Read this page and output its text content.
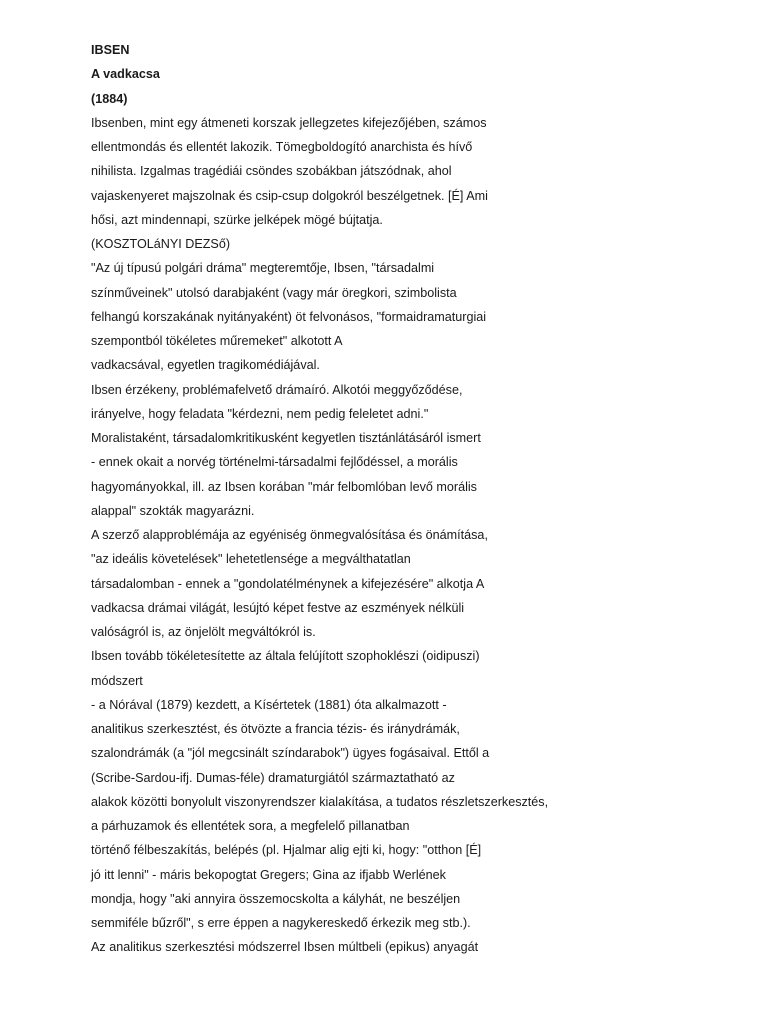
IBSEN
A vadkacsa
(1884)
Ibsenben, mint egy átmeneti korszak jellegzetes kifejezőjében, számos
ellentmondás és ellentét lakozik. Tömegboldogító anarchista és hívő
nihilista. Izgalmas tragédiái csöndes szobákban játszódnak, ahol
vajaskenyeret majszolnak és csip-csup dolgokról beszélgetnek. [É] Ami
hősi, azt mindennapi, szürke jelképek mögé bújtatja.
(KOSZTOLáNYI DEZSő)
"Az új típusú polgári dráma" megteremtője, Ibsen, "társadalmi
színműveinek" utolsó darabjaként (vagy már öregkori, szimbolista
felhangú korszakának nyitányaként) öt felvonásos, "formaidramaturgiai
szempontból tökéletes műremeket" alkotott A
vadkacsával, egyetlen tragikomédiájával.
Ibsen érzékeny, problémafelvető drámaíró. Alkotói meggyőződése,
irányelve, hogy feladata "kérdezni, nem pedig feleletet adni."
Moralistaként, társadalomkritikusként kegyetlen tisztánlátásáról ismert
- ennek okait a norvég történelmi-társadalmi fejlődéssel, a morális
hagyományokkal, ill. az Ibsen korában "már felbomlóban levő morális
alappal" szokták magyarázni.
A szerző alapproblémája az egyéniség önmegvalósítása és önámítása,
"az ideális követelések" lehetetlensége a megválthatatlan
társadalomban - ennek a "gondolatélménynek a kifejezésére" alkotja A
vadkacsa drámai világát, lesújtó képet festve az eszmények nélküli
valóságról is, az önjelölt megváltókról is.
Ibsen tovább tökéletesítette az általa felújított szophoklészi (oidipuszi)
módszert
- a Nórával (1879) kezdett, a Kísértetek (1881) óta alkalmazott -
analitikus szerkesztést, és ötvözte a francia tézis- és iránydrámák,
szalondrámák (a "jól megcsinált színdarabok") ügyes fogásaival. Ettől a
(Scribe-Sardou-ifj. Dumas-féle) dramaturgiától származtatható az
alakok közötti bonyolult viszonyrendszer kialakítása, a tudatos részletszerkesztés,
a párhuzamok és ellentétek sora, a megfelelő pillanatban
történő félbeszakítás, belépés (pl. Hjalmar alig ejti ki, hogy: "otthon [É]
jó itt lenni" - máris bekopogtat Gregers; Gina az ifjabb Werlének
mondja, hogy "aki annyira összemocskolta a kályhát, ne beszéljen
semmiféle bűzről", s erre éppen a nagykereskedő érkezik meg stb.).
Az analitikus szerkesztési módszerrel Ibsen múltbeli (epikus) anyagát
